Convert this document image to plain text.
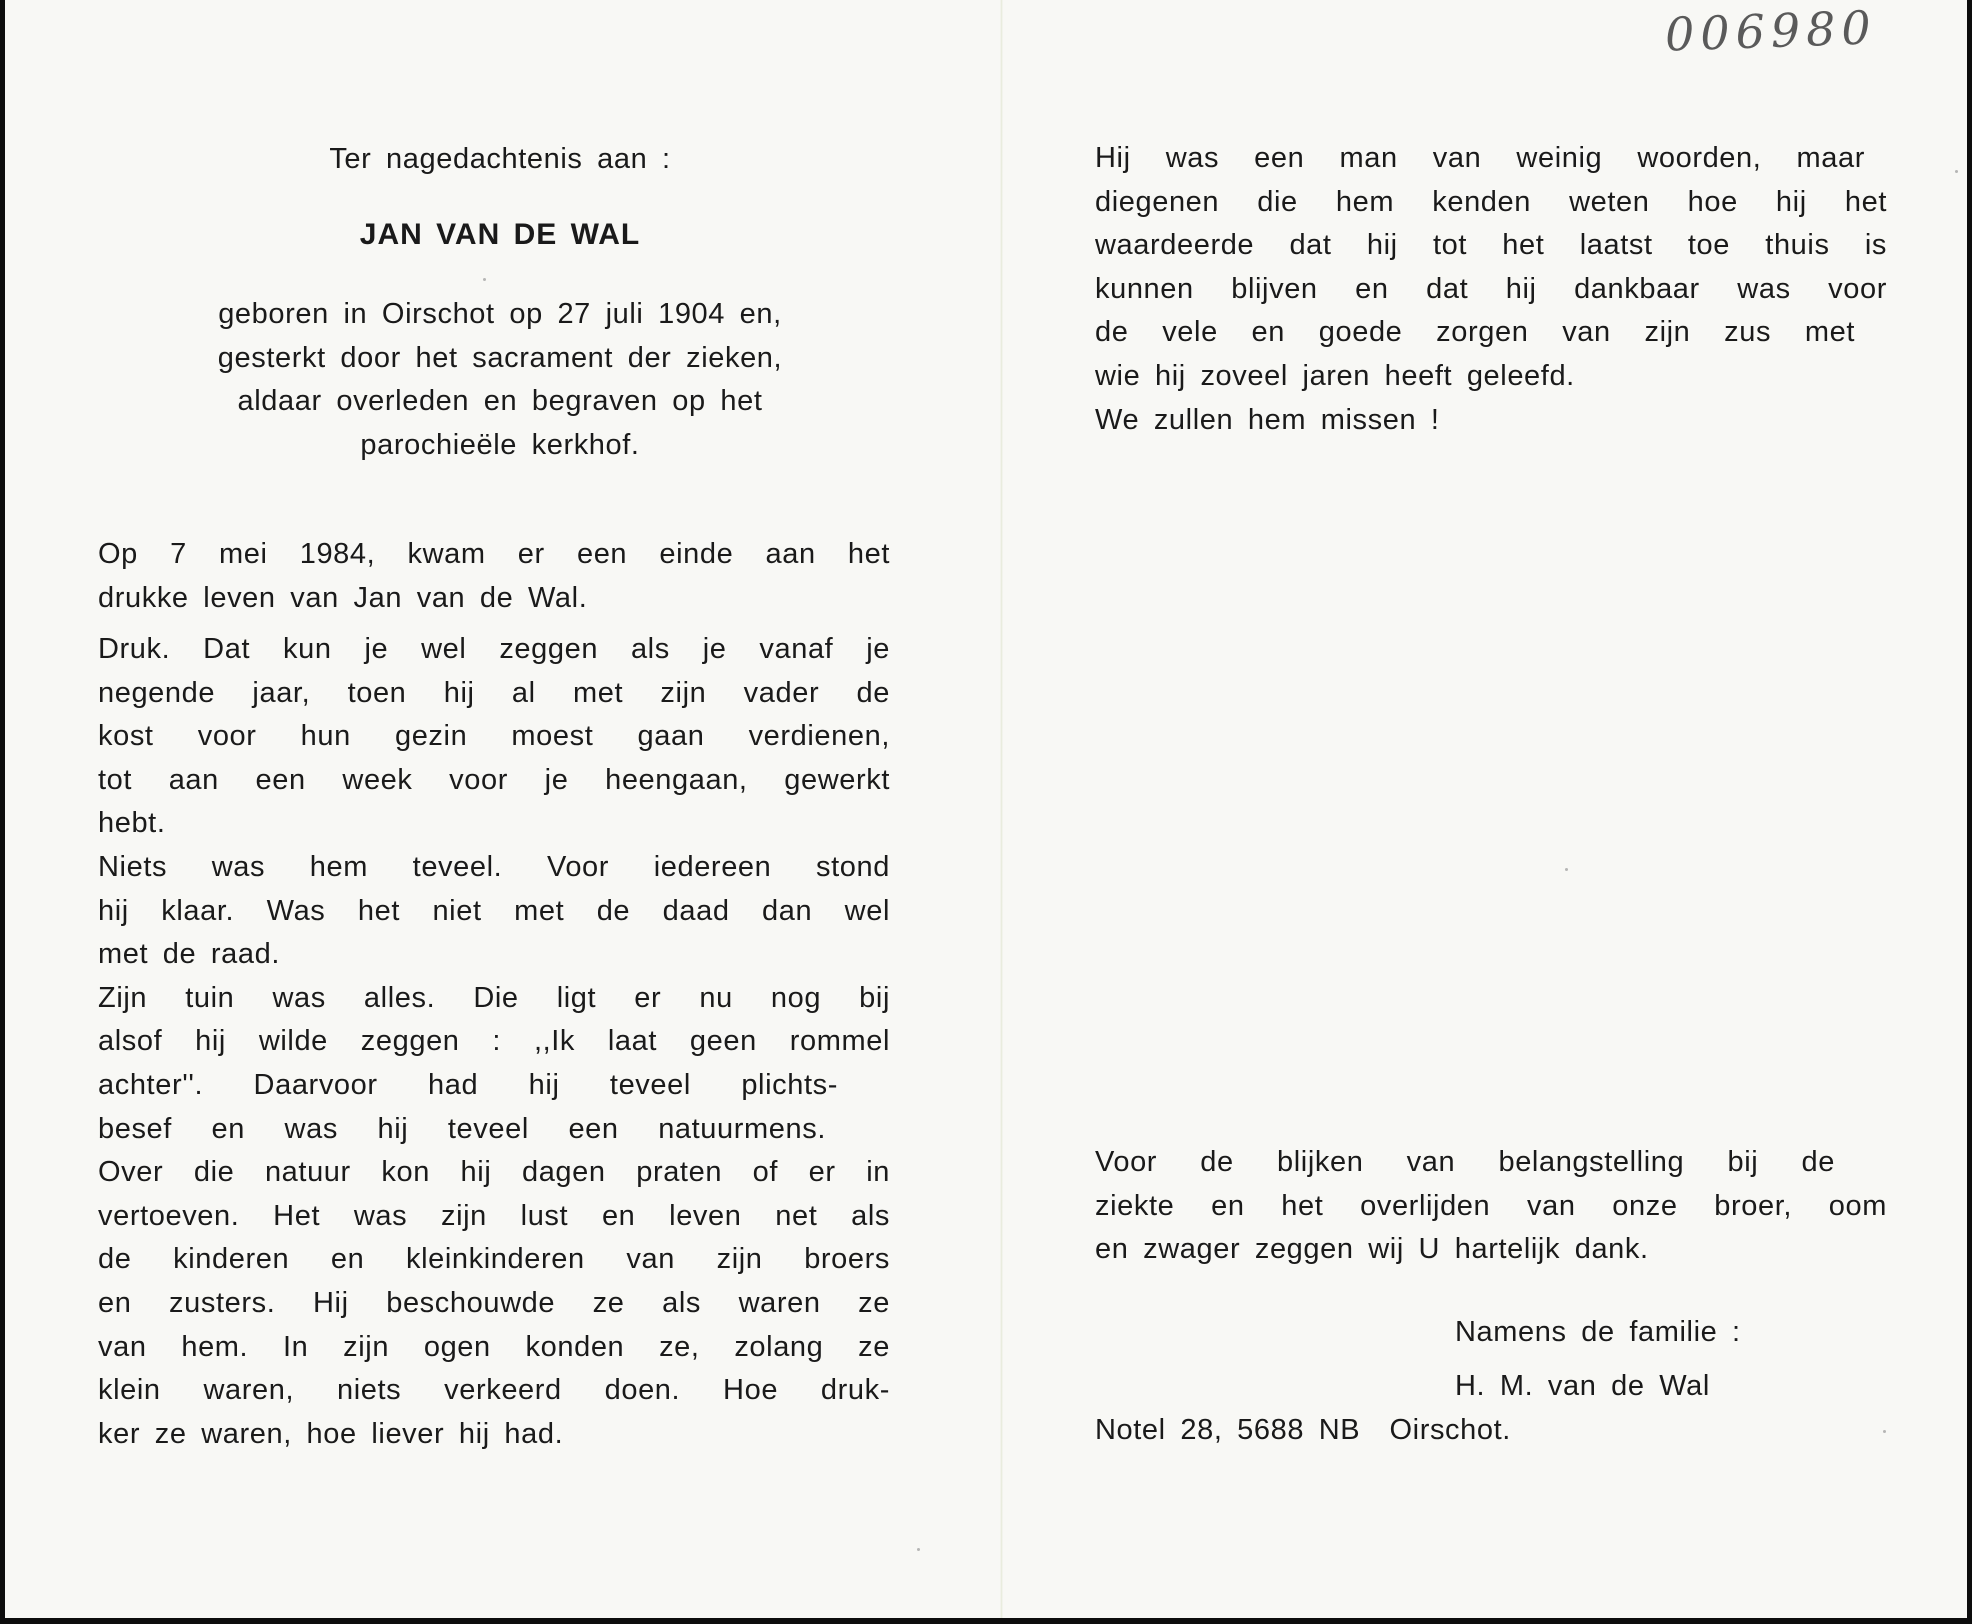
006980
Ter nagedachtenis aan :
JAN VAN DE WAL
geboren in Oirschot op 27 juli 1904 en,
gesterkt door het sacrament der zieken,
aldaar overleden en begraven op het
parochieële kerkhof.
Op 7 mei 1984, kwam er een einde aan het
drukke leven van Jan van de Wal.
Druk. Dat kun je wel zeggen als je vanaf je
negende jaar, toen hij al met zijn vader de
kost voor hun gezin moest gaan verdienen,
tot aan een week voor je heengaan, gewerkt
hebt.
Niets was hem teveel. Voor iedereen stond
hij klaar. Was het niet met de daad dan wel
met de raad.
Zijn tuin was alles. Die ligt er nu nog bij
alsof hij wilde zeggen : ,,Ik laat geen rommel
achter''. Daarvoor had hij teveel plichts-
besef en was hij teveel een natuurmens.
Over die natuur kon hij dagen praten of er in
vertoeven. Het was zijn lust en leven net als
de kinderen en kleinkinderen van zijn broers
en zusters. Hij beschouwde ze als waren ze
van hem. In zijn ogen konden ze, zolang ze
klein waren, niets verkeerd doen. Hoe druk-
ker ze waren, hoe liever hij had.
Hij was een man van weinig woorden, maar
diegenen die hem kenden weten hoe hij het
waardeerde dat hij tot het laatst toe thuis is
kunnen blijven en dat hij dankbaar was voor
de vele en goede zorgen van zijn zus met
wie hij zoveel jaren heeft geleefd.
We zullen hem missen !
Voor de blijken van belangstelling bij de
ziekte en het overlijden van onze broer, oom
en zwager zeggen wij U hartelijk dank.
Namens de familie :
H. M. van de Wal
Notel 28, 5688 NB  Oirschot.
